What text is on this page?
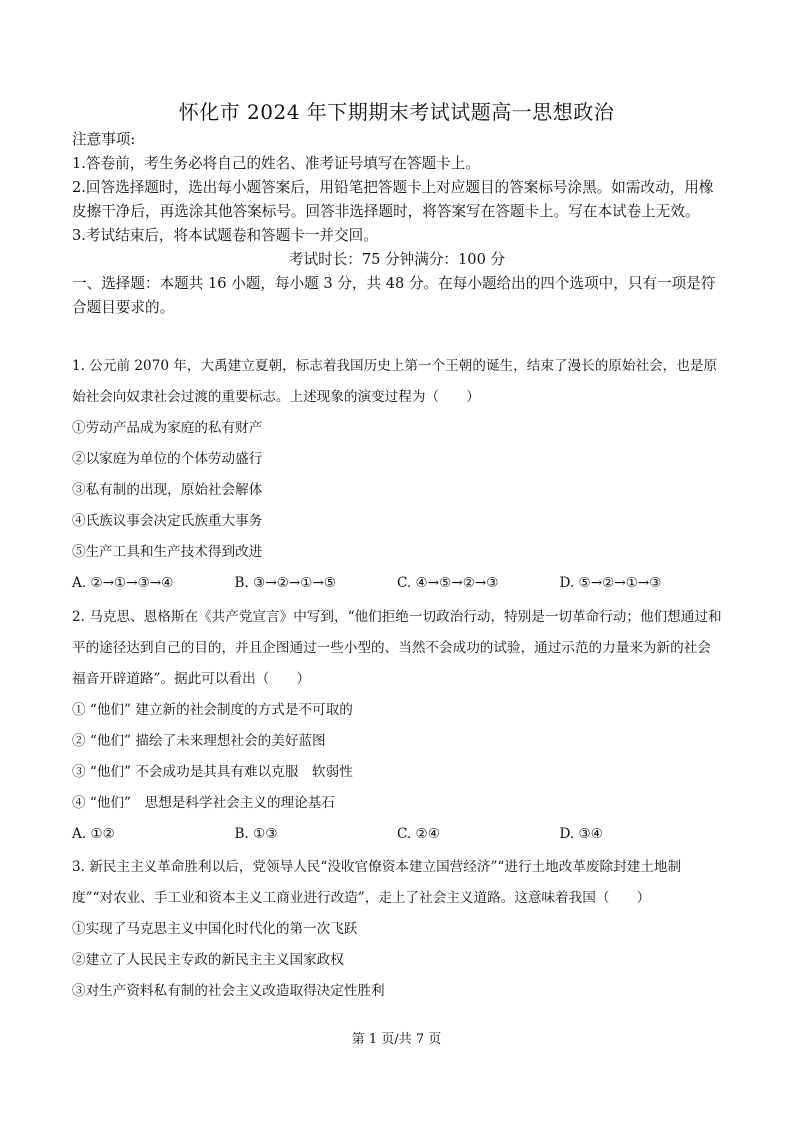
怀化市 2024 年下期期末考试试题高一思想政治

注意事项:

1.答卷前，考生务必将自己的姓名、准考证号填写在答题卡上。

2.回答选择题时，选出每小题答案后，用铅笔把答题卡上对应题目的答案标号涂黑。如需改动，用橡皮擦干净后，再选涂其他答案标号。回答非选择题时，将答案写在答题卡上。写在本试卷上无效。

3.考试结束后，将本试题卷和答题卡一并交回。

考试时长：75 分钟满分：100 分

一、选择题：本题共 16 小题，每小题 3 分，共 48 分。在每小题给出的四个选项中，只有一项是符合题目要求的。

1. 公元前 2070 年，大禹建立夏朝，标志着我国历史上第一个王朝的诞生，结束了漫长的原始社会，也是原始社会向奴隶社会过渡的重要标志。上述现象的演变过程为（　　）

①劳动产品成为家庭的私有财产

②以家庭为单位的个体劳动盛行

③私有制的出现，原始社会解体

④氏族议事会决定氏族重大事务

⑤生产工具和生产技术得到改进

A. ②→①→③→④	B. ③→②→①→⑤	C. ④→⑤→②→③	D. ⑤→②→①→③

2. 马克思、恩格斯在《共产党宣言》中写到，“他们拒绝一切政治行动，特别是一切革命行动；他们想通过和平的途径达到自己的目的，并且企图通过一些小型的、当然不会成功的试验，通过示范的力量来为新的社会福音开辟道路”。据此可以看出（　　）

① “他们” 建立新的社会制度的方式是不可取的

② “他们” 描绘了未来理想社会的美好蓝图

③ “他们” 不会成功是其具有难以克服　软弱性

④ “他们”　思想是科学社会主义的理论基石

A. ①②	B. ①③	C. ②④	D. ③④

3. 新民主主义革命胜利以后，党领导人民“没收官僚资本建立国营经济”“进行土地改革废除封建土地制度”“对农业、手工业和资本主义工商业进行改造”，走上了社会主义道路。这意味着我国（　　）

①实现了马克思主义中国化时代化的第一次飞跃

②建立了人民民主专政的新民主主义国家政权

③对生产资料私有制的社会主义改造取得决定性胜利

第 1 页/共 7 页
